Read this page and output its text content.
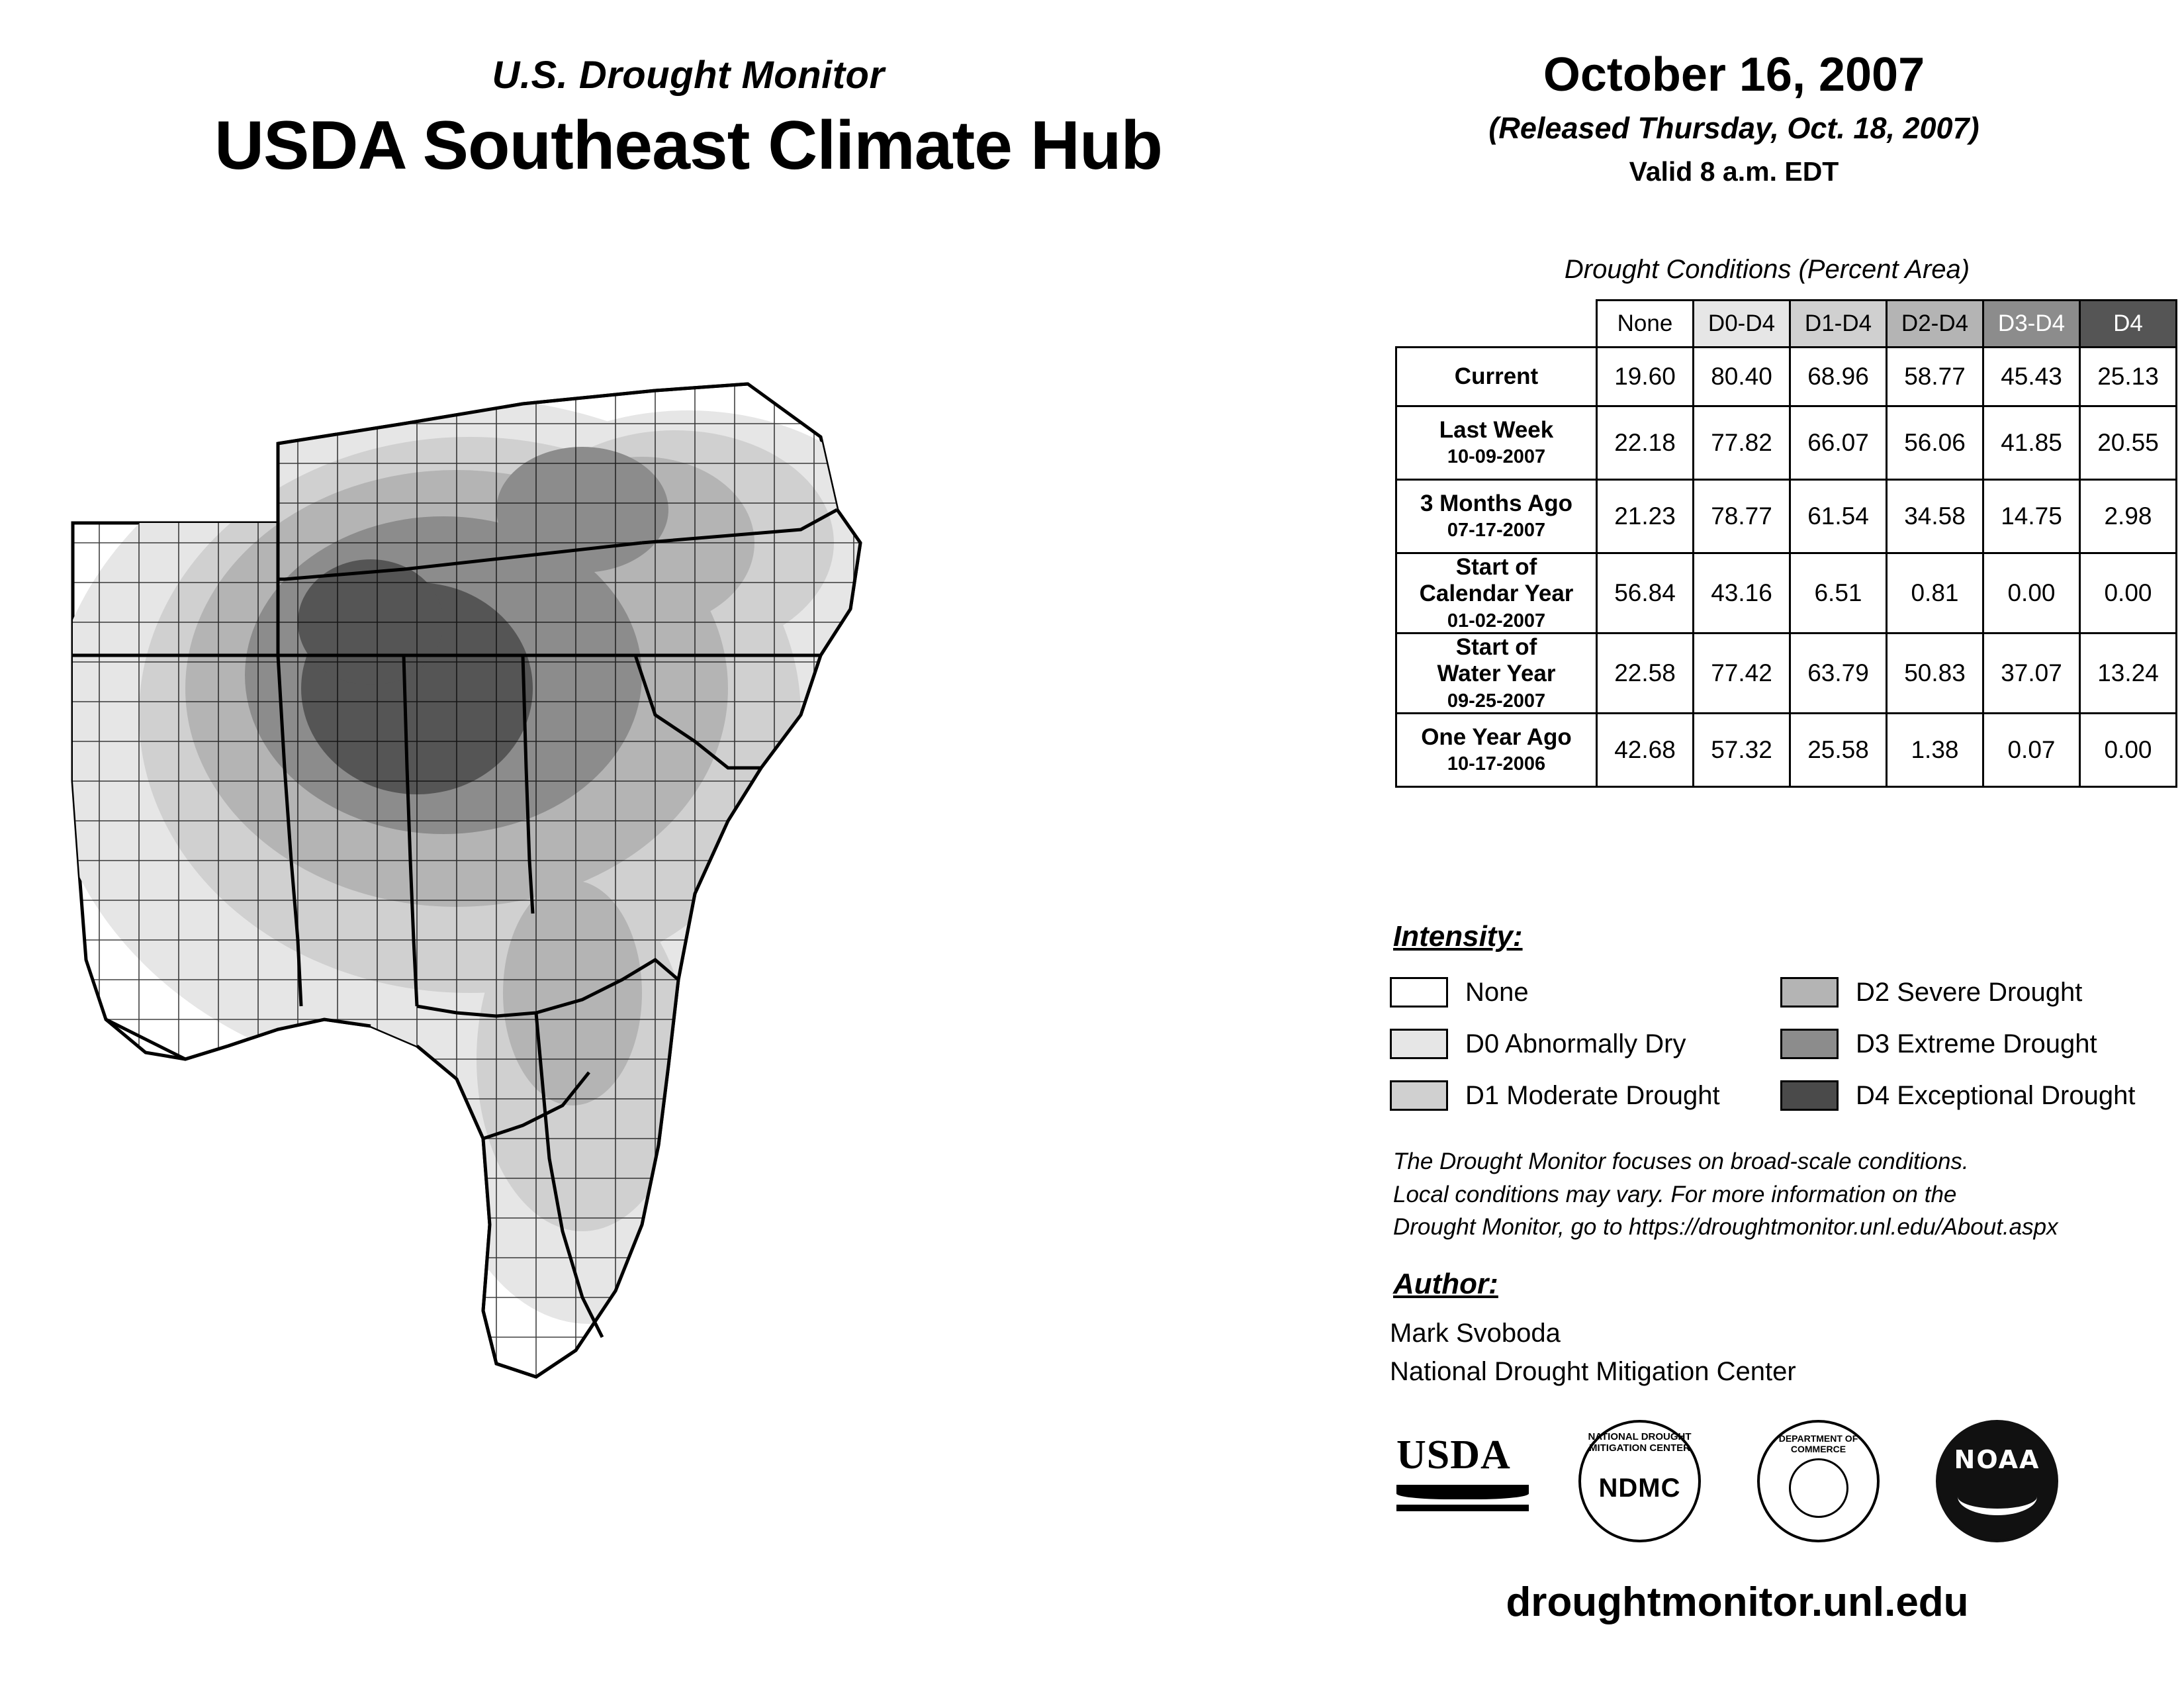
U.S. Drought Monitor
USDA Southeast Climate Hub
October 16, 2007
(Released Thursday, Oct. 18, 2007)
Valid 8 a.m. EDT
Drought Conditions (Percent Area)
	None	D0-D4	D1-D4	D2-D4	D3-D4	D4

Current	19.60	80.40	68.96	58.77	45.43	25.13

Last Week
10-09-2007	22.18	77.82	66.07	56.06	41.85	20.55

3 Months Ago
07-17-2007	21.23	78.77	61.54	34.58	14.75	2.98

Start of
Calendar Year
01-02-2007	56.84	43.16	6.51	0.81	0.00	0.00

Start of
Water Year
09-25-2007	22.58	77.42	63.79	50.83	37.07	13.24

One Year Ago
10-17-2006	42.68	57.32	25.58	1.38	0.07	0.00
Intensity:
None
D0 Abnormally Dry
D1 Moderate Drought
D2 Severe Drought
D3 Extreme Drought
D4 Exceptional Drought
The Drought Monitor focuses on broad-scale conditions.
Local conditions may vary. For more information on the
Drought Monitor, go to https://droughtmonitor.unl.edu/About.aspx
Author:
Mark Svoboda
National Drought Mitigation Center
USDA	NATIONAL DROUGHT MITIGATION CENTER
NDMC
DEPARTMENT OF COMMERCE	NOAA
droughtmonitor.unl.edu
